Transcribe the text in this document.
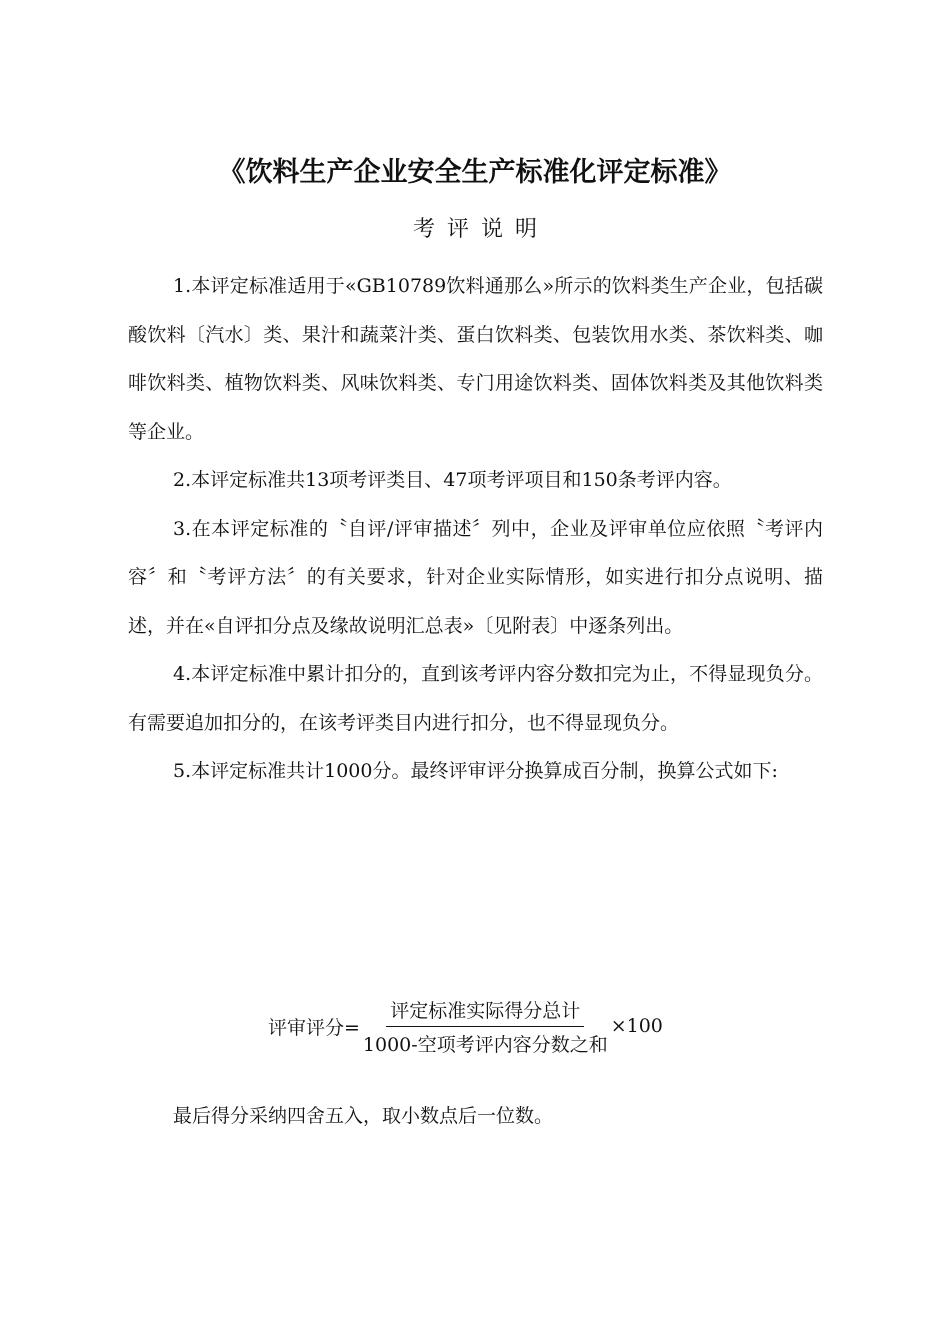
《饮料生产企业安全生产标准化评定标准》
考评说明

1.本评定标准适用于«GB10789饮料通那么»所示的饮料类生产企业，包括碳酸饮料〔汽水〕类、果汁和蔬菜汁类、蛋白饮料类、包装饮用水类、茶饮料类、咖啡饮料类、植物饮料类、风味饮料类、专门用途饮料类、固体饮料类及其他饮料类等企业。

2.本评定标准共13项考评类目、47项考评项目和150条考评内容。

3.在本评定标准的〝自评/评审描述〞列中，企业及评审单位应依照〝考评内容〞和〝考评方法〞的有关要求，针对企业实际情形，如实进行扣分点说明、描述，并在«自评扣分点及缘故说明汇总表»〔见附表〕中逐条列出。

4.本评定标准中累计扣分的，直到该考评内容分数扣完为止，不得显现负分。有需要追加扣分的，在该考评类目内进行扣分，也不得显现负分。

5.本评定标准共计1000分。最终评审评分换算成百分制，换算公式如下:

评审评分= $\frac{\text{评定标准实际得分总计}}{\text{1000-空项考评内容分数之和}} \times 100$
最后得分采纳四舍五入，取小数点后一位数。
